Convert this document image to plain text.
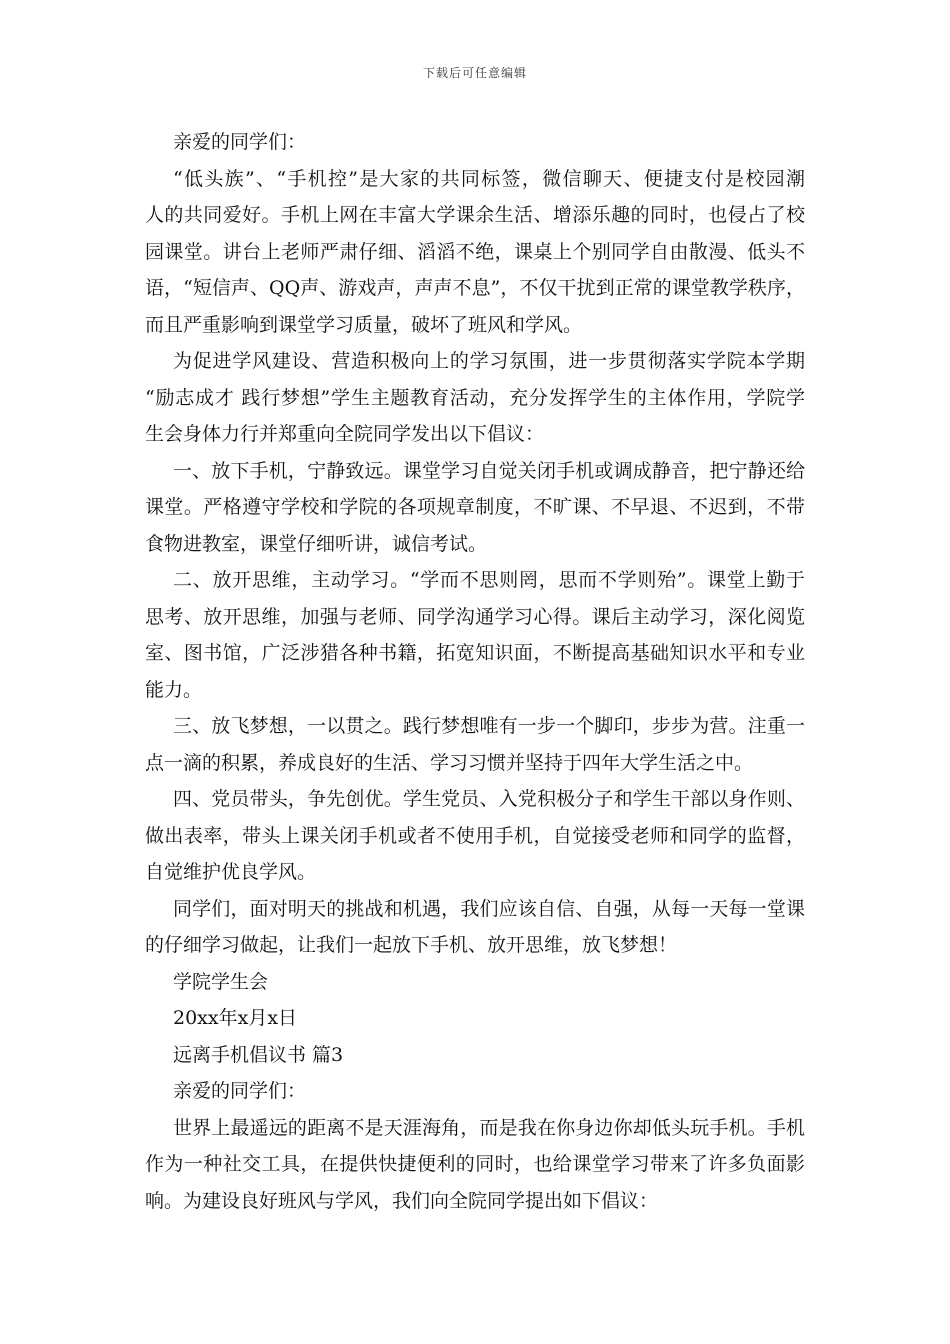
下载后可任意编辑
亲爱的同学们：
“低头族”、“手机控”是大家的共同标签，微信聊天、便捷支付是校园潮
人的共同爱好。手机上网在丰富大学课余生活、增添乐趣的同时，也侵占了校
园课堂。讲台上老师严肃仔细、滔滔不绝，课桌上个别同学自由散漫、低头不
语，“短信声、QQ声、游戏声，声声不息”，不仅干扰到正常的课堂教学秩序，
而且严重影响到课堂学习质量，破坏了班风和学风。
为促进学风建设、营造积极向上的学习氛围，进一步贯彻落实学院本学期
“励志成才 践行梦想”学生主题教育活动，充分发挥学生的主体作用，学院学
生会身体力行并郑重向全院同学发出以下倡议：
一、放下手机，宁静致远。课堂学习自觉关闭手机或调成静音，把宁静还给
课堂。严格遵守学校和学院的各项规章制度，不旷课、不早退、不迟到，不带
食物进教室，课堂仔细听讲，诚信考试。
二、放开思维，主动学习。“学而不思则罔，思而不学则殆”。课堂上勤于
思考、放开思维，加强与老师、同学沟通学习心得。课后主动学习，深化阅览
室、图书馆，广泛涉猎各种书籍，拓宽知识面，不断提高基础知识水平和专业
能力。
三、放飞梦想，一以贯之。践行梦想唯有一步一个脚印，步步为营。注重一
点一滴的积累，养成良好的生活、学习习惯并坚持于四年大学生活之中。
四、党员带头，争先创优。学生党员、入党积极分子和学生干部以身作则、
做出表率，带头上课关闭手机或者不使用手机，自觉接受老师和同学的监督，
自觉维护优良学风。
同学们，面对明天的挑战和机遇，我们应该自信、自强，从每一天每一堂课
的仔细学习做起，让我们一起放下手机、放开思维，放飞梦想！
学院学生会
20xx年x月x日
远离手机倡议书 篇3
亲爱的同学们：
世界上最遥远的距离不是天涯海角，而是我在你身边你却低头玩手机。手机
作为一种社交工具，在提供快捷便利的同时，也给课堂学习带来了许多负面影
响。为建设良好班风与学风，我们向全院同学提出如下倡议：
